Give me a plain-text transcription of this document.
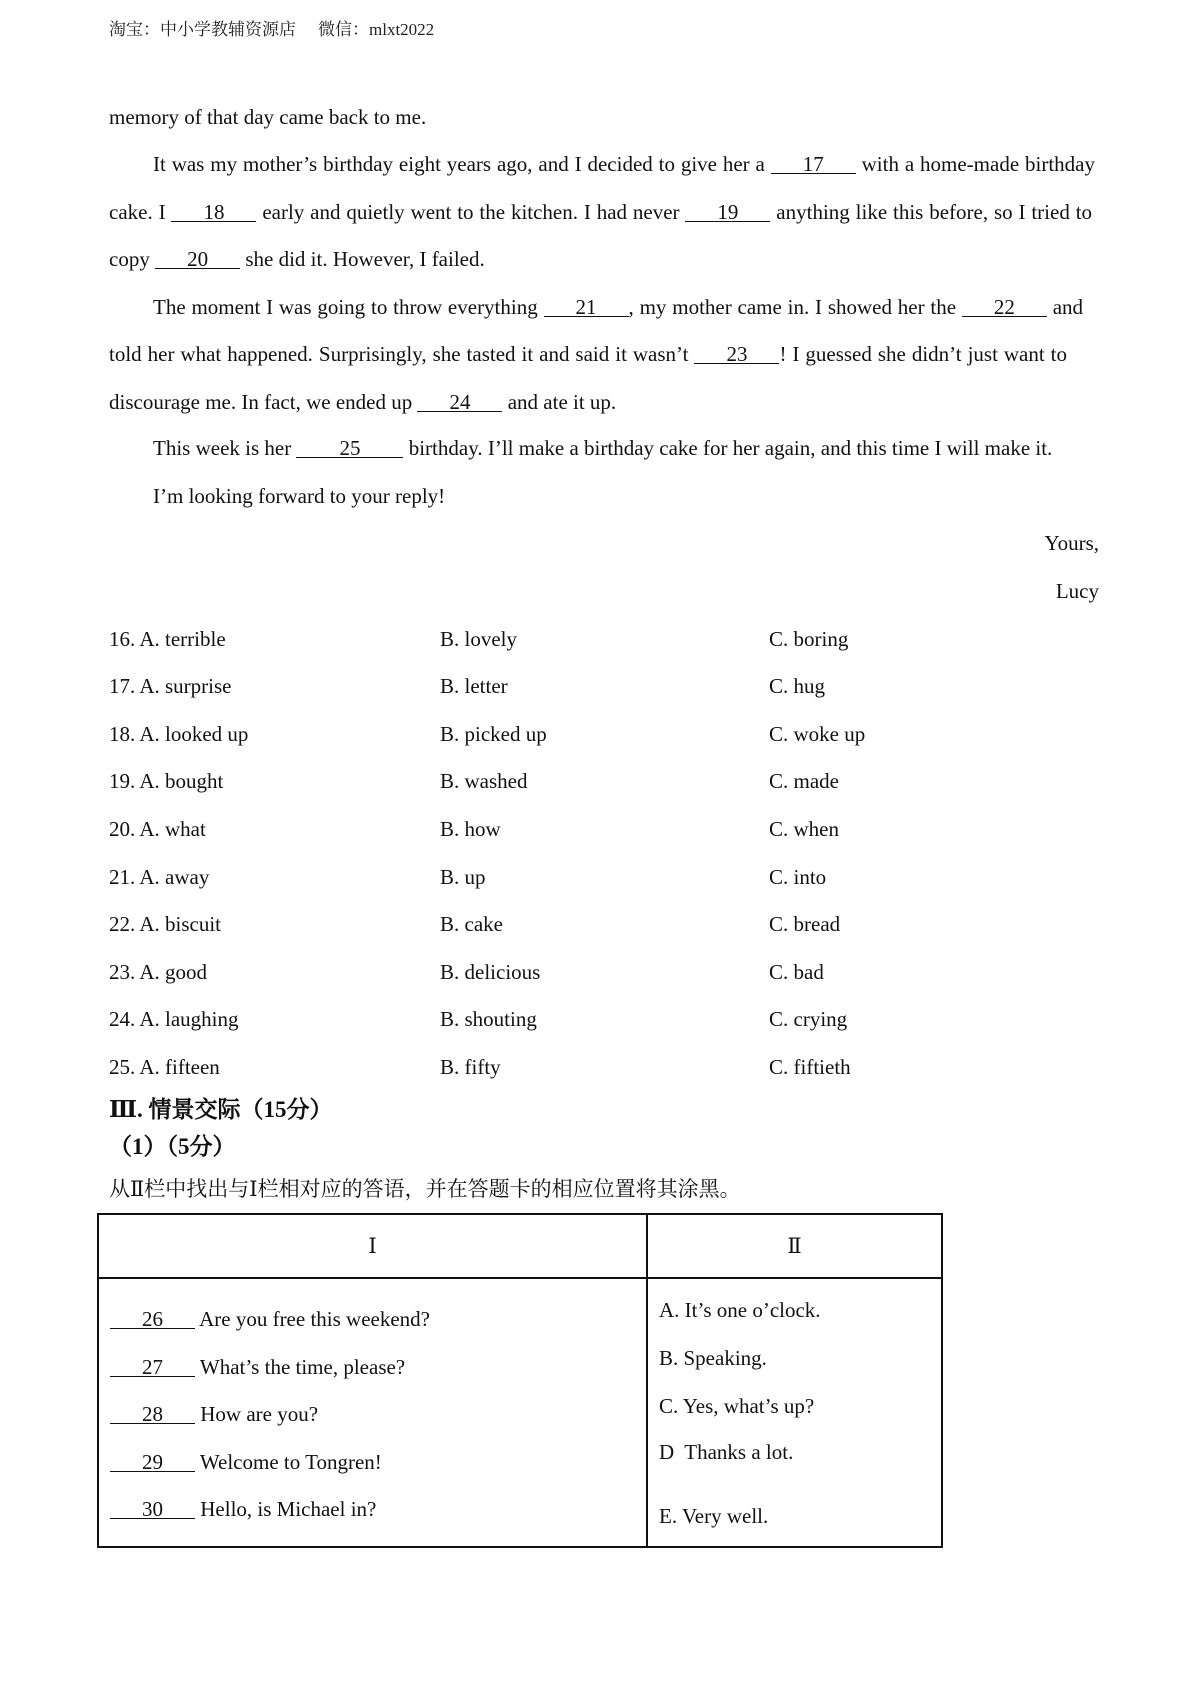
淘宝：中小学教辅资源店 微信：mlxt2022
memory of that day came back to me.
It was my mother’s birthday eight years ago, and I decided to give her a 17 with a home-made birthday
cake. I 18 early and quietly went to the kitchen. I had never 19 anything like this before, so I tried to
copy 20 she did it. However, I failed.
The moment I was going to throw everything 21 , my mother came in. I showed her the 22 and
told her what happened. Surprisingly, she tasted it and said it wasn’t 23 ! I guessed she didn’t just want to
discourage me. In fact, we ended up 24 and ate it up.
This week is her 25 birthday. I’ll make a birthday cake for her again, and this time I will make it.
I’m looking forward to your reply!
Yours,
Lucy
16. A. terrible	B. lovely	C. boring
17. A. surprise	B. letter	C. hug
18. A. looked up	B. picked up	C. woke up
19. A. bought	B. washed	C. made
20. A. what	B. how	C. when
21. A. away	B. up	C. into
22. A. biscuit	B. cake	C. bread
23. A. good	B. delicious	C. bad
24. A. laughing	B. shouting	C. crying
25. A. fifteen	B. fifty	C. fiftieth
Ⅲ. 情景交际（15分）
（1）（5分）
从Ⅱ栏中找出与Ⅰ栏相对应的答语，并在答题卡的相应位置将其涂黑。
Ⅰ	Ⅱ
26 Are you free this weekend?
27 What’s the time, please?
28 How are you?
29 Welcome to Tongren!
30 Hello, is Michael in?
A. It’s one o’clock.
B. Speaking.
C. Yes, what’s up?
D  Thanks a lot.
E. Very well.
